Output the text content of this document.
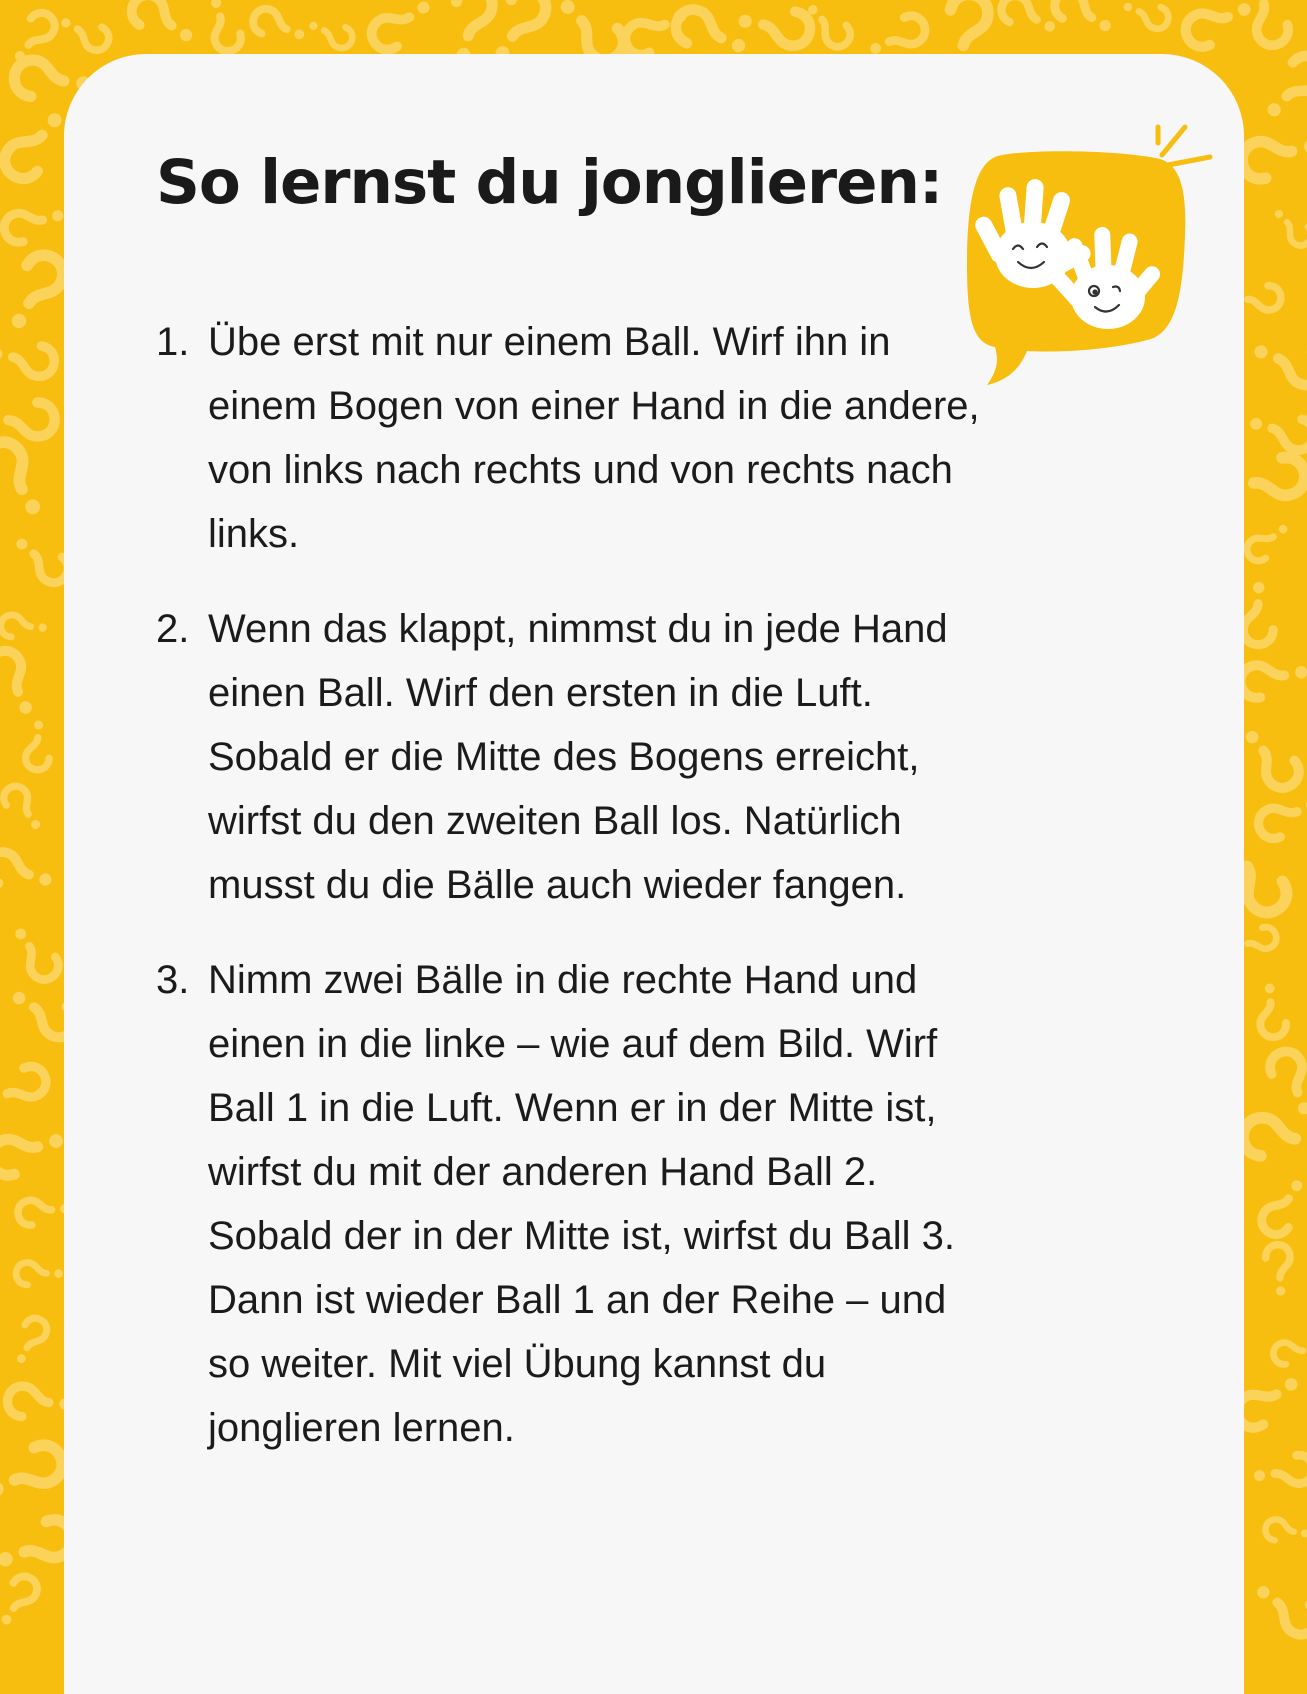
So lernst du jonglieren:
1. Übe erst mit nur einem Ball. Wirf ihn in einem Bogen von einer Hand in die andere, von links nach rechts und von rechts nach links.
2. Wenn das klappt, nimmst du in jede Hand einen Ball. Wirf den ersten in die Luft. Sobald er die Mitte des Bogens erreicht, wirfst du den zweiten Ball los. Natürlich musst du die Bälle auch wieder fangen.
3. Nimm zwei Bälle in die rechte Hand und einen in die linke – wie auf dem Bild. Wirf Ball 1 in die Luft. Wenn er in der Mitte ist, wirfst du mit der anderen Hand Ball 2. Sobald der in der Mitte ist, wirfst du Ball 3. Dann ist wieder Ball 1 an der Reihe – und so weiter. Mit viel Übung kannst du jonglieren lernen.
